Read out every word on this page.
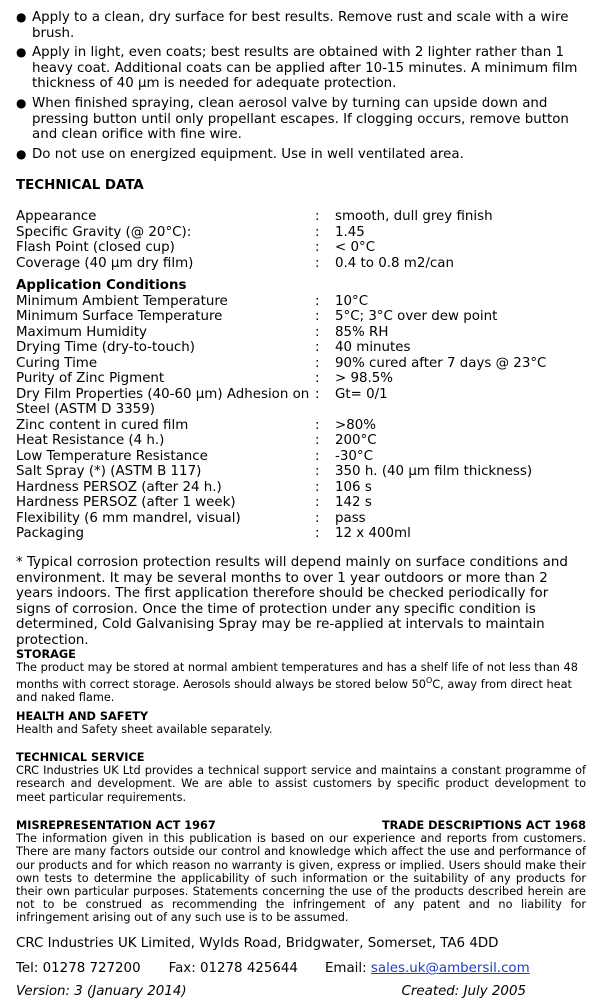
● Apply to a clean, dry surface for best results. Remove rust and scale with a wire brush.
● Apply in light, even coats; best results are obtained with 2 lighter rather than 1 heavy coat. Additional coats can be applied after 10-15 minutes. A minimum film thickness of 40 μm is needed for adequate protection.
● When finished spraying, clean aerosol valve by turning can upside down and pressing button until only propellant escapes. If clogging occurs, remove button and clean orifice with fine wire.
● Do not use on energized equipment. Use in well ventilated area.
TECHNICAL DATA
Appearance	:	smooth, dull grey finish
Specific Gravity (@ 20°C):	:	1.45
Flash Point (closed cup)	:	< 0°C
Coverage (40 μm dry film)	:	0.4 to 0.8 m2/can
Application Conditions
Minimum Ambient Temperature	:	10°C
Minimum Surface Temperature	:	5°C; 3°C over dew point
Maximum Humidity	:	85% RH
Drying Time (dry-to-touch)	:	40 minutes
Curing Time	:	90% cured after 7 days @ 23°C
Purity of Zinc Pigment	:	> 98.5%
Dry Film Properties (40-60 μm) Adhesion on Steel (ASTM D 3359)
:	Gt= 0/1
Zinc content in cured film	:	>80%
Heat Resistance (4 h.)	:	200°C
Low Temperature Resistance	:	-30°C
Salt Spray (*) (ASTM B 117)	:	350 h. (40 μm film thickness)
Hardness PERSOZ (after 24 h.)	:	106 s
Hardness PERSOZ (after 1 week)	:	142 s
Flexibility (6 mm mandrel, visual)	:	pass
Packaging	:	12 x 400ml
* Typical corrosion protection results will depend mainly on surface conditions and environment. It may be several months to over 1 year outdoors or more than 2 years indoors. The first application therefore should be checked periodically for signs of corrosion. Once the time of protection under any specific condition is determined, Cold Galvanising Spray may be re-applied at intervals to maintain protection.
STORAGE
The product may be stored at normal ambient temperatures and has a shelf life of not less than 48 months with correct storage. Aerosols should always be stored below $50^OC$, away from direct heat and naked flame.
HEALTH AND SAFETY
Health and Safety sheet available separately.
TECHNICAL SERVICE
CRC Industries UK Ltd provides a technical support service and maintains a constant programme of research and development. We are able to assist customers by specific product development to meet particular requirements.
MISREPRESENTATION ACT 1967	TRADE DESCRIPTIONS ACT 1968
The information given in this publication is based on our experience and reports from customers. There are many factors outside our control and knowledge which affect the use and performance of our products and for which reason no warranty is given, express or implied. Users should make their own tests to determine the applicability of such information or the suitability of any products for their own particular purposes. Statements concerning the use of the products described herein are not to be construed as recommending the infringement of any patent and no liability for infringement arising out of any such use is to be assumed.
CRC Industries UK Limited, Wylds Road, Bridgwater, Somerset, TA6 4DD
Tel: 01278 727200 Fax: 01278 425644 Email: sales.uk@ambersil.com
Version: 3 (January 2014)	Created: July 2005
